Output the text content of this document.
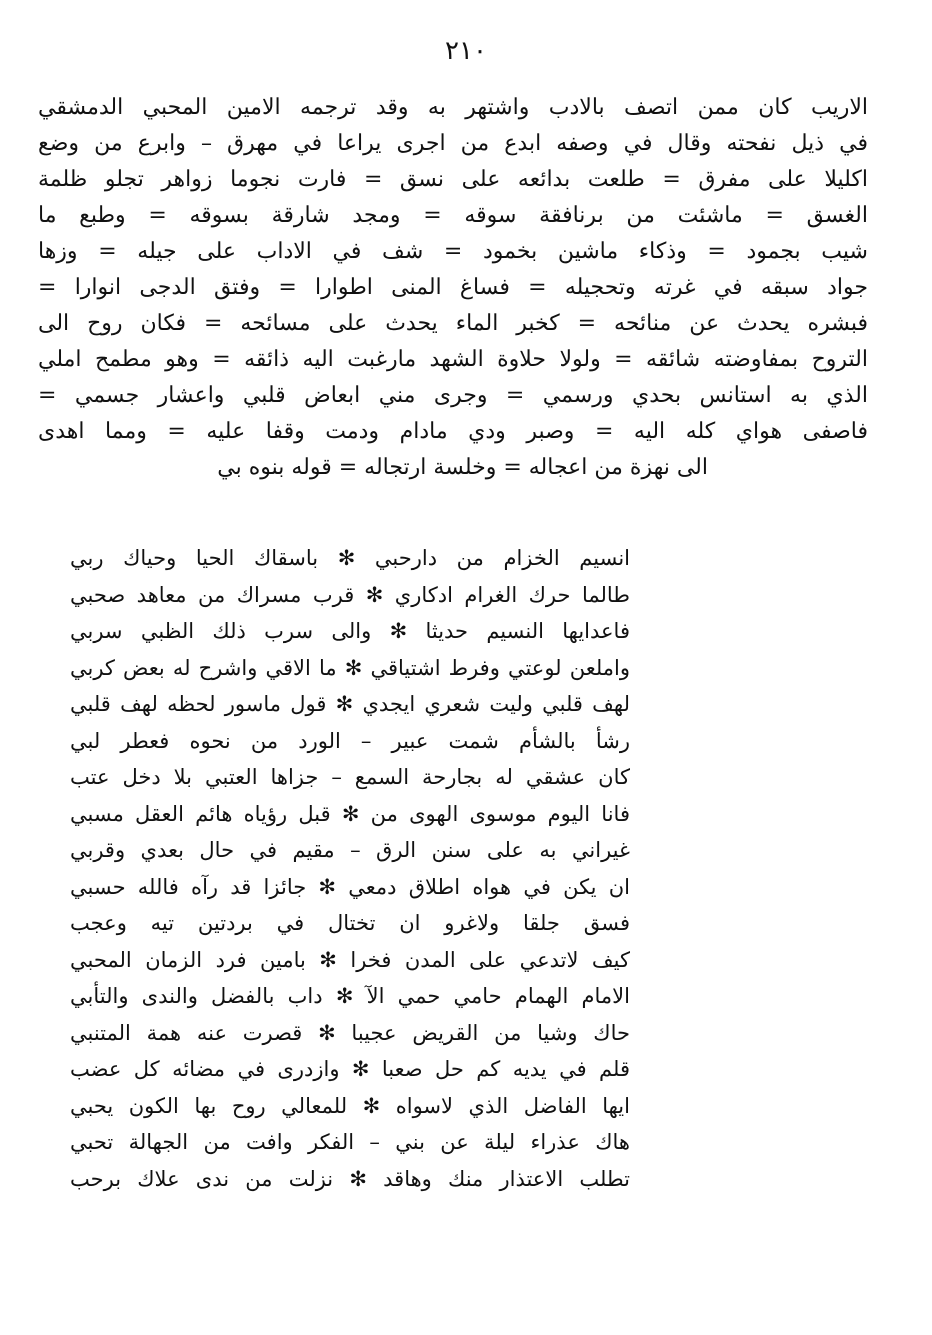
٢١٠
الاريب كان ممن اتصف بالادب واشتهر به وقد ترجمه الامين المحبي الدمشقي
في ذيل نفحته وقال في وصفه ابدع من اجرى يراعا في مهرق – وابرع من وضع
اكليلا على مفرق = طلعت بدائعه على نسق = فارت نجوما زواهر تجلو ظلمة
الغسق = ماشئت من برنافقة سوقه = ومجد شارقة بسوقه = وطبع ما
شيب بجمود = وذكاء ماشين بخمود = شف في الاداب على جيله = وزها
جواد سبقه في غرته وتحجيله = فساغ المنى اطوارا = وفتق الدجى انوارا =
فبشره يحدث عن منائحه = كخبر الماء يحدث على مسائحه = فكان روح الى
التروح بمفاوضته شائقه = ولولا حلاوة الشهد مارغبت اليه ذائقه = وهو مطمح املي
الذي به استانس بحدي ورسمي = وجرى مني ابعاض قلبي واعشار جسمي =
فاصفى هواي كله اليه = وصبر ودي مادام ودمت وقفا عليه = ومما اهدى
الى نهزة من اعجاله = وخلسة ارتجاله = قوله بنوه بي
انسيم الخزام من دارحبي ✻ باسقاك الحيا وحياك ربي
طالما حرك الغرام ادكاري ✻ قرب مسراك من معاهد صحبي
فاعدايها النسيم حديثا ✻ والى سرب ذلك الظبي سربي
واملعن لوعتي وفرط اشتياقي ✻ ما الاقي واشرح له بعض كربي
لهف قلبي وليت شعري ايجدي ✻ قول ماسور لحظه لهف قلبي
رشأ بالشأم شمت عبير – الورد من نحوه فعطر لبي
كان عشقي له بجارحة السمع – جزاها العتبي بلا دخل عتب
فانا اليوم موسوى الهوى من ✻ قبل رؤياه هائم العقل مسبي
غيراني به على سنن الرق – مقيم في حال بعدي وقربي
ان يكن في هواه اطلاق دمعي ✻ جائزا قد رآه فالله حسبي
فسق جلقا ولاغرو ان تختال في بردتين تيه وعجب
كيف لاتدعي على المدن فخرا ✻ بامين فرد الزمان المحبي
الامام الهمام حامي حمي الآ ✻ داب بالفضل والندى والتأبي
حاك وشيا من القريض عجيبا ✻ قصرت عنه همة المتنبي
قلم في يديه كم حل صعبا ✻ وازدرى في مضائه كل عضب
ايها الفاضل الذي لاسواه ✻ للمعالي روح بها الكون يحبي
هاك عذراء ليلة عن بني – الفكر وافت من الجهالة تحبي
تطلب الاعتذار منك وهاقد ✻ نزلت من ندى علاك برحب
